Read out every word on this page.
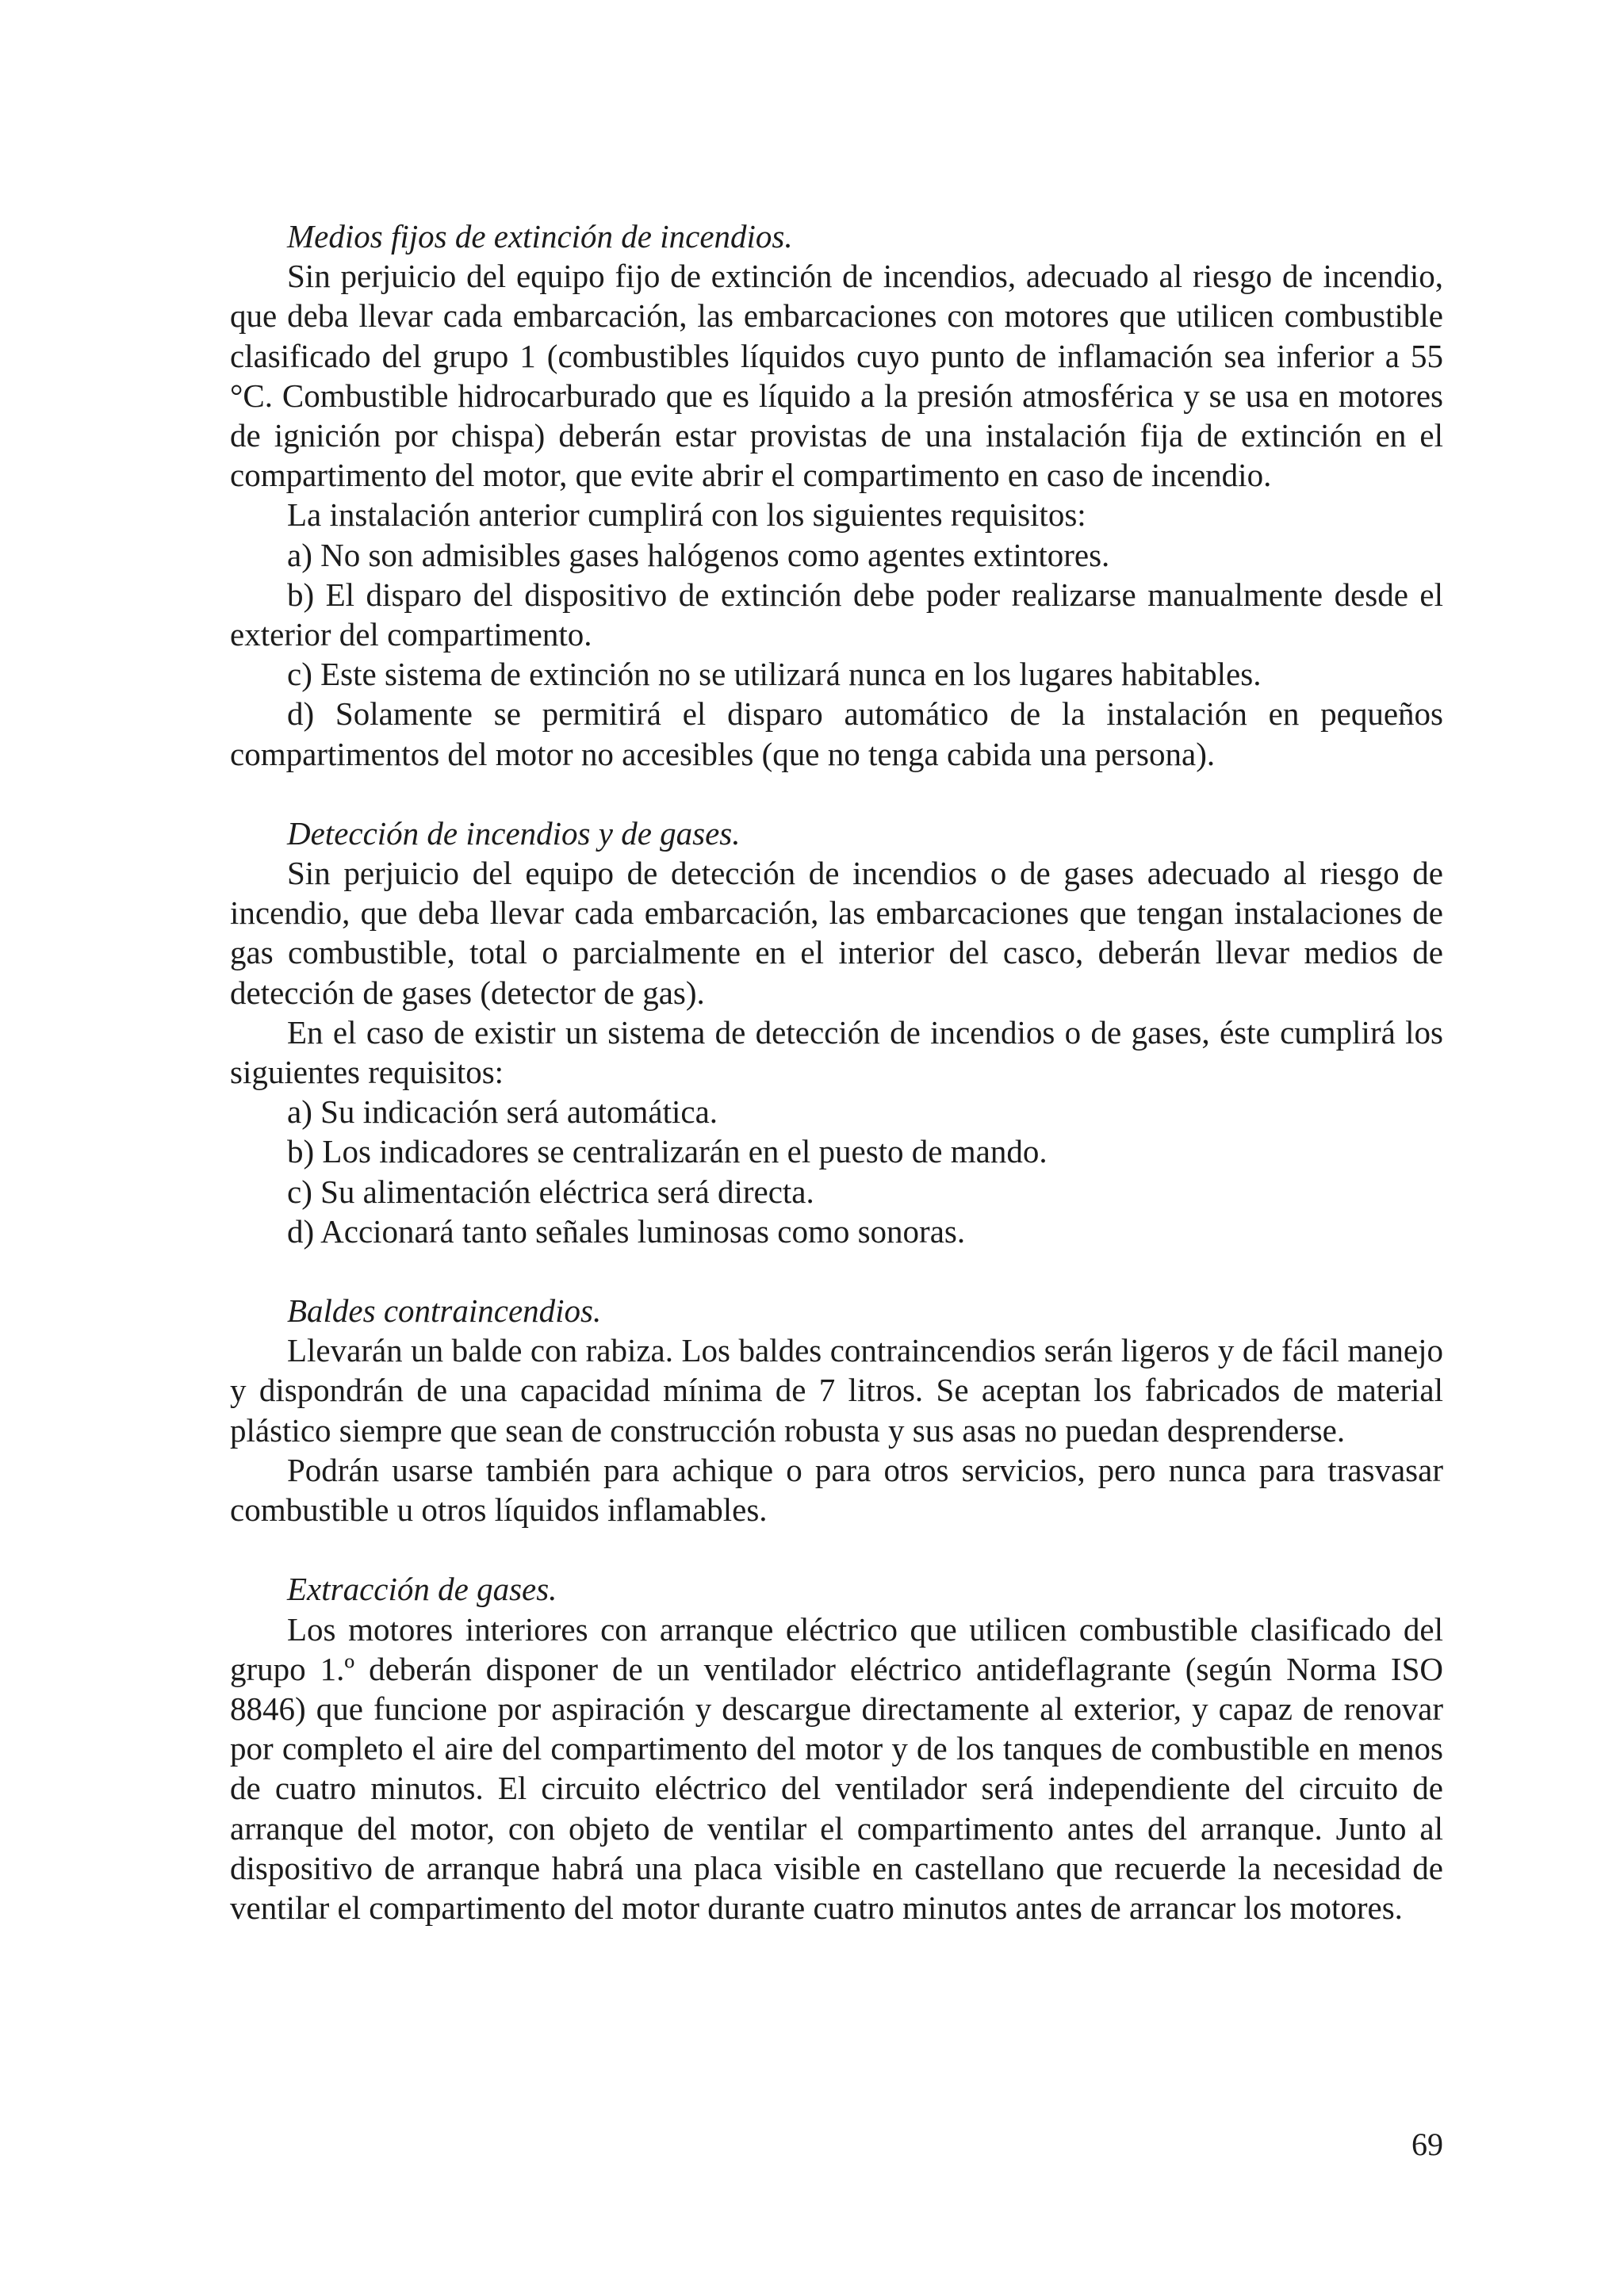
Medios fijos de extinción de incendios.

Sin perjuicio del equipo fijo de extinción de incendios, adecuado al riesgo de incendio, que deba llevar cada embarcación, las embarcaciones con motores que utilicen combustible clasificado del grupo 1 (combustibles líquidos cuyo punto de inflamación sea inferior a 55 °C. Combustible hidrocarburado que es líquido a la presión atmosférica y se usa en motores de ignición por chispa) deberán estar provistas de una instalación fija de extinción en el compartimento del motor, que evite abrir el compartimento en caso de incendio.

La instalación anterior cumplirá con los siguientes requisitos:

a) No son admisibles gases halógenos como agentes extintores.

b) El disparo del dispositivo de extinción debe poder realizarse manualmente desde el exterior del compartimento.

c) Este sistema de extinción no se utilizará nunca en los lugares habitables.

d) Solamente se permitirá el disparo automático de la instalación en pequeños compartimentos del motor no accesibles (que no tenga cabida una persona).

Detección de incendios y de gases.

Sin perjuicio del equipo de detección de incendios o de gases adecuado al riesgo de incendio, que deba llevar cada embarcación, las embarcaciones que tengan instalaciones de gas combustible, total o parcialmente en el interior del casco, deberán llevar medios de detección de gases (detector de gas).

En el caso de existir un sistema de detección de incendios o de gases, éste cumplirá los siguientes requisitos:

a) Su indicación será automática.

b) Los indicadores se centralizarán en el puesto de mando.

c) Su alimentación eléctrica será directa.

d) Accionará tanto señales luminosas como sonoras.

Baldes contraincendios.

Llevarán un balde con rabiza. Los baldes contraincendios serán ligeros y de fácil manejo y dispondrán de una capacidad mínima de 7 litros. Se aceptan los fabricados de material plástico siempre que sean de construcción robusta y sus asas no puedan desprenderse.

Podrán usarse también para achique o para otros servicios, pero nunca para trasvasar combustible u otros líquidos inflamables.

Extracción de gases.

Los motores interiores con arranque eléctrico que utilicen combustible clasificado del grupo 1.º deberán disponer de un ventilador eléctrico antideflagrante (según Norma ISO 8846) que funcione por aspiración y descargue directamente al exterior, y capaz de renovar por completo el aire del compartimento del motor y de los tanques de combustible en menos de cuatro minutos. El circuito eléctrico del ventilador será independiente del circuito de arranque del motor, con objeto de ventilar el compartimento antes del arranque. Junto al dispositivo de arranque habrá una placa visible en castellano que recuerde la necesidad de ventilar el compartimento del motor durante cuatro minutos antes de arrancar los motores.

69
